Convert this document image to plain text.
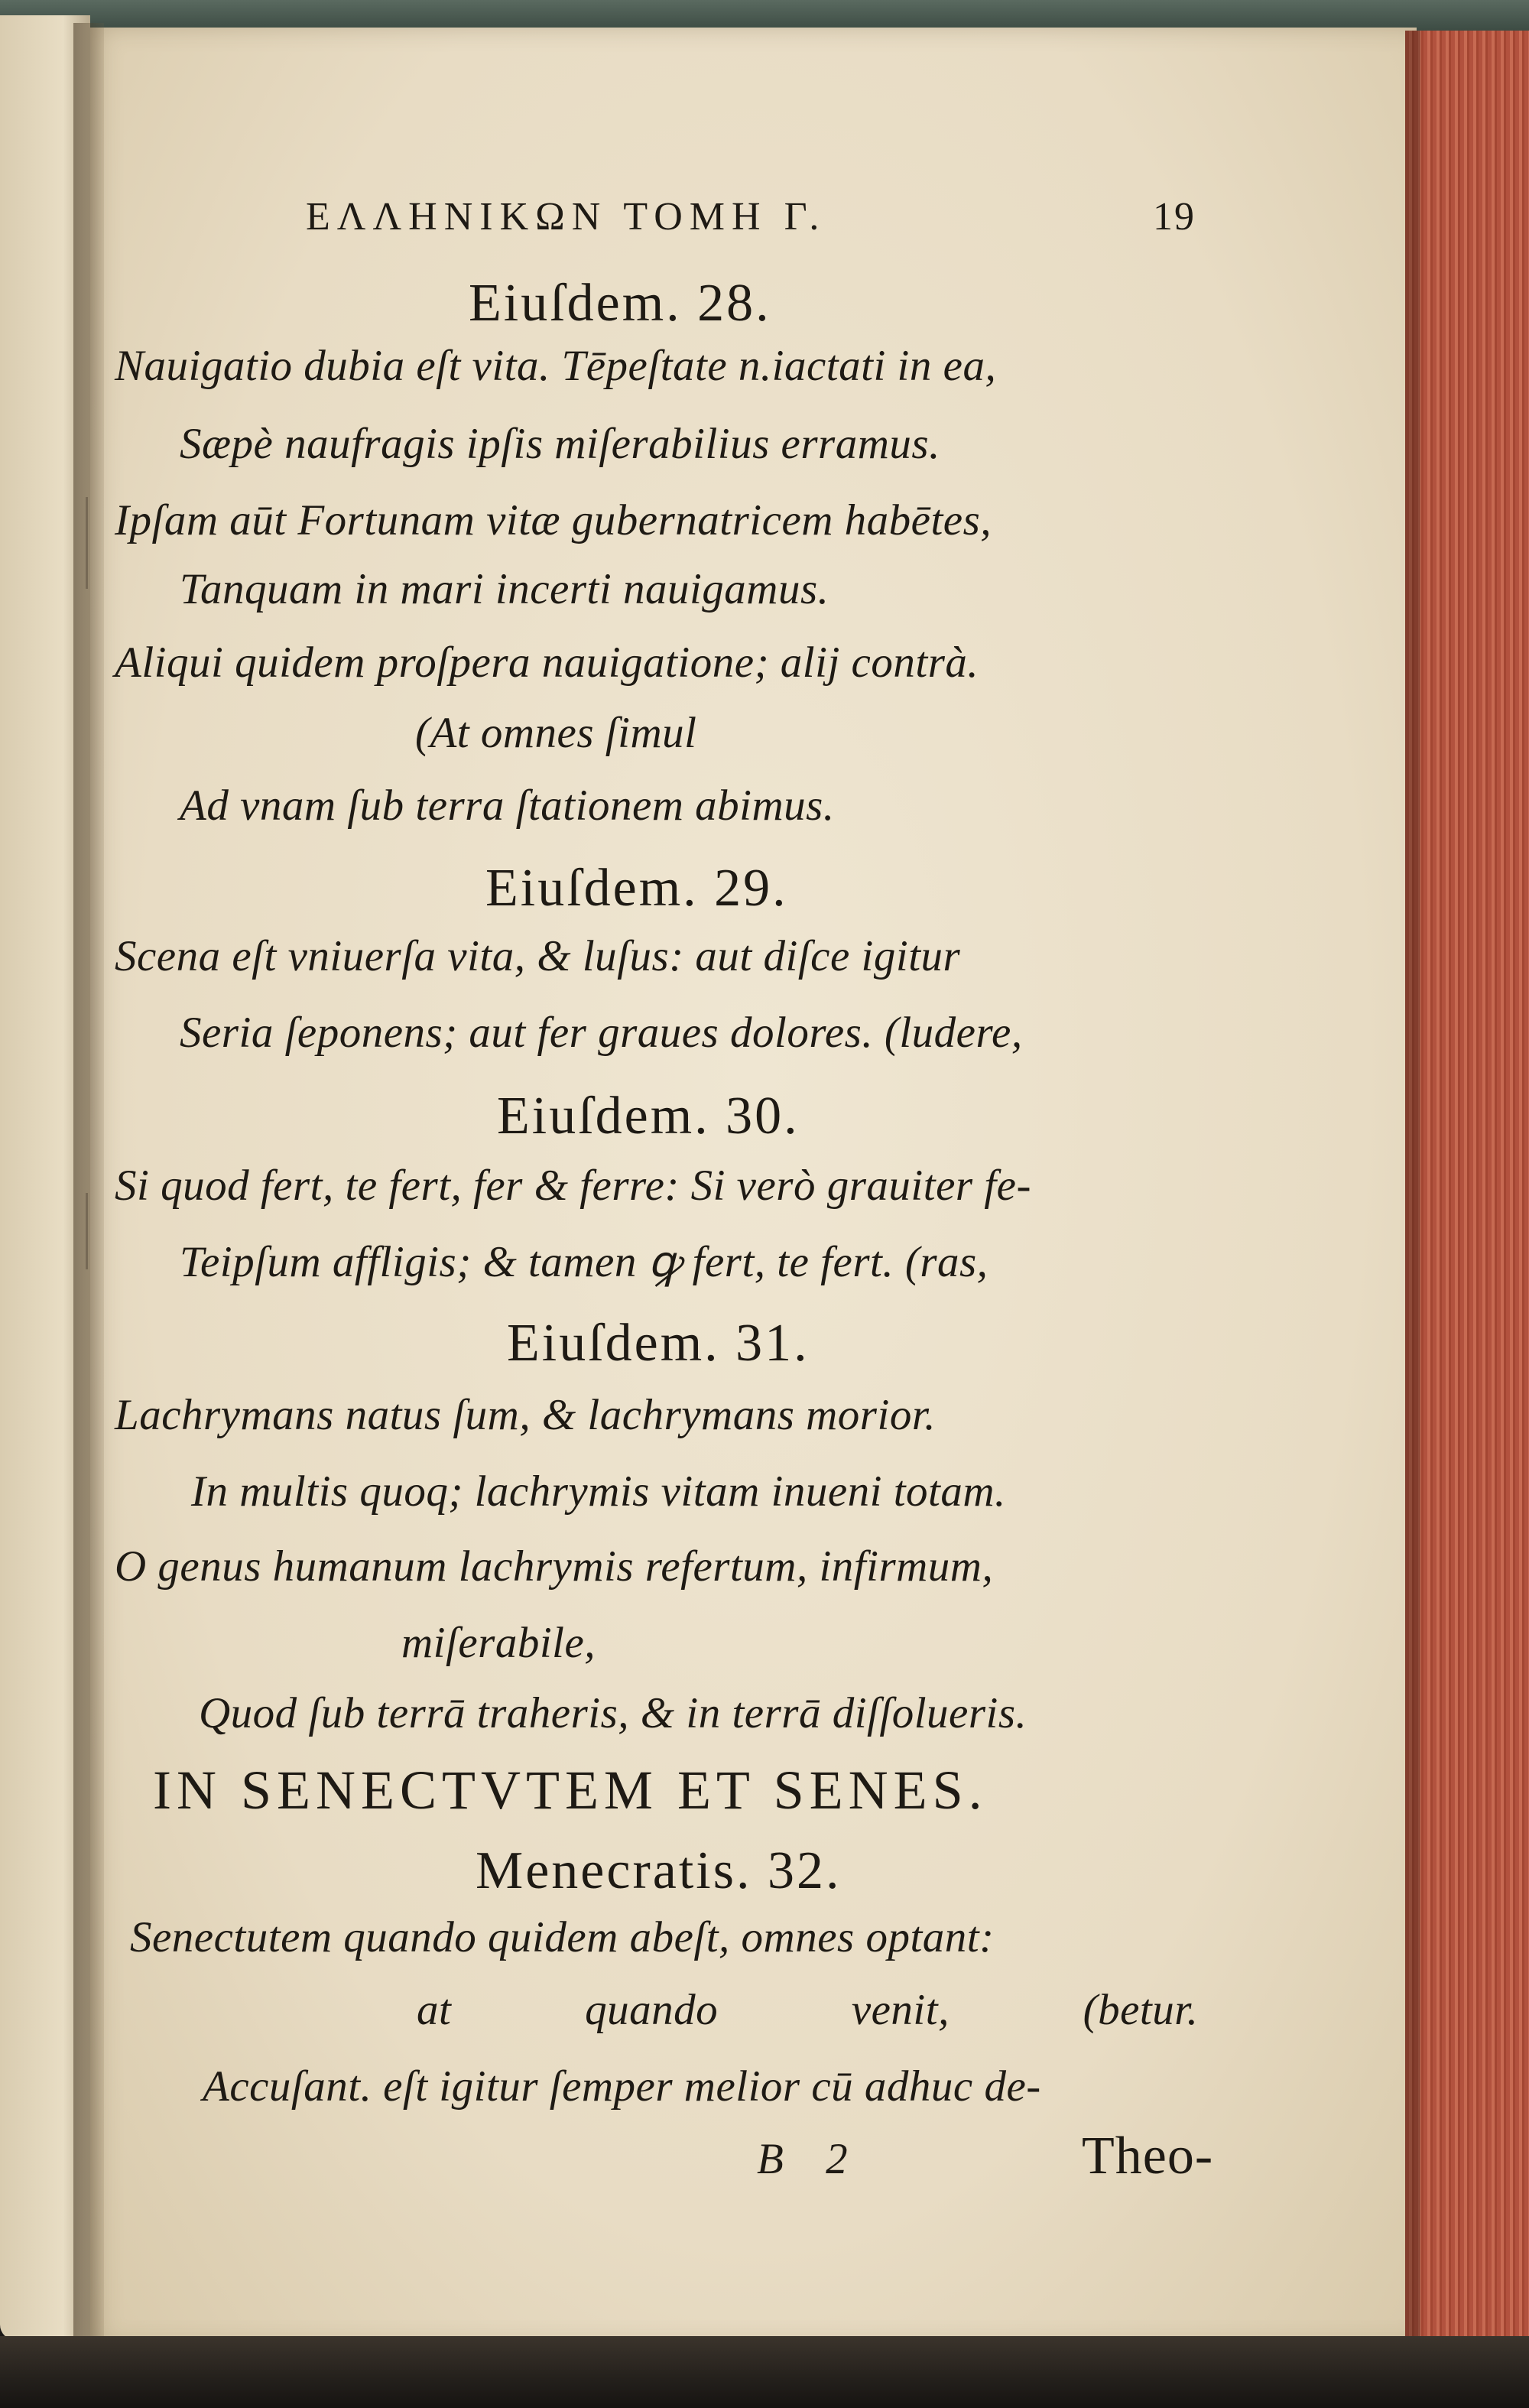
ΕΛΛΗΝΙΚΩΝ ΤΟΜΗ Γ.	19
Eiuſdem. 28.
Nauigatio dubia eſt vita. Tēpeſtate n.iactati in ea,
Sæpè naufragis ipſis miſerabilius erramus.
Ipſam aūt Fortunam vitæ gubernatricem habētes,
Tanquam in mari incerti nauigamus.
Aliqui quidem proſpera nauigatione; alij contrà.
(At omnes ſimul
Ad vnam ſub terra ſtationem abimus.
Eiuſdem. 29.
Scena eſt vniuerſa vita, & luſus: aut diſce igitur
Seria ſeponens; aut fer graues dolores. (ludere,
Eiuſdem. 30.
Si quod fert, te fert, fer & ferre: Si verò grauiter fe-
Teipſum affligis; & tamen ꝙ fert, te fert. (ras,
Eiuſdem. 31.
Lachrymans natus ſum, & lachrymans morior.
In multis quoq; lachrymis vitam inueni totam.
O genus humanum lachrymis refertum, infirmum,
miſerabile,
Quod ſub terrā traheris, & in terrā diſſolueris.
IN SENECTVTEM ET SENES.
Menecratis. 32.
Senectutem quando quidem abeſt, omnes optant:
at quando venit, (betur.
Accuſant. eſt igitur ſemper melior cū adhuc de-
B 2	Theo-
